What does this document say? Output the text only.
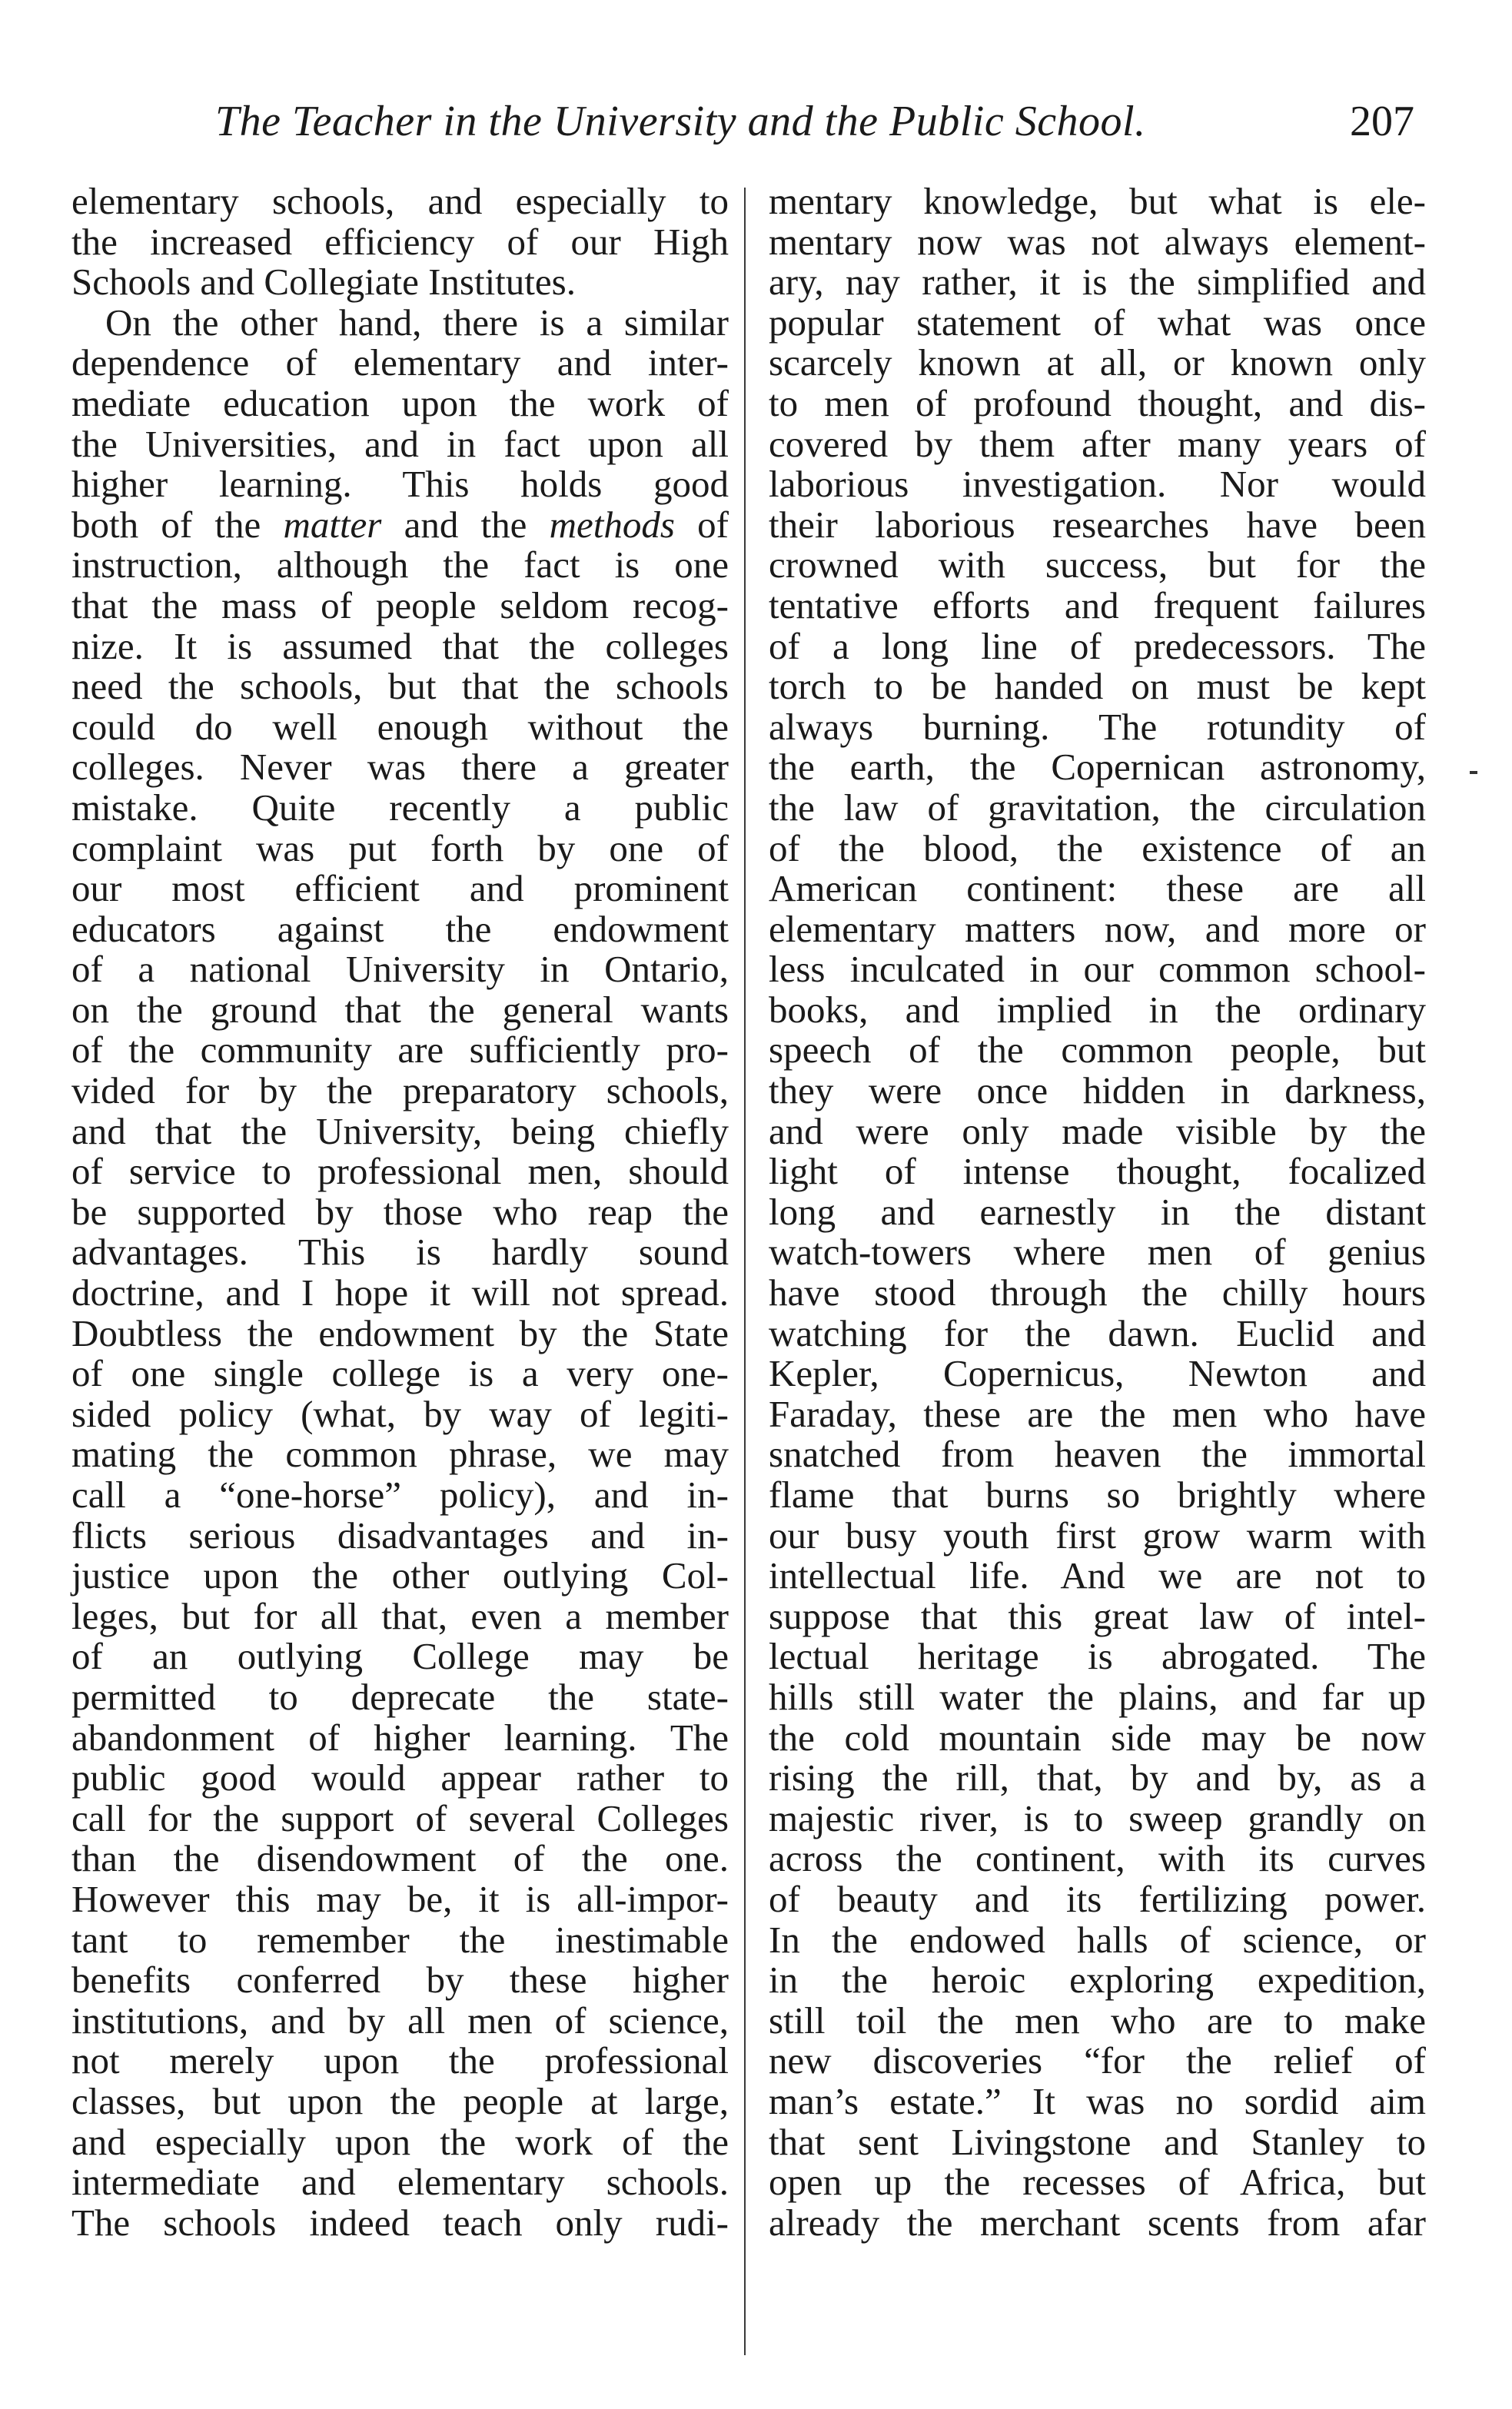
The Teacher in the University and the Public School.	207
elementary schools, and especially to
the increased efficiency of our High
Schools and Collegiate Institutes.
On the other hand, there is a similar
dependence of elementary and inter-
mediate education upon the work of
the Universities, and in fact upon all
higher learning. This holds good
both of the matter and the methods of
instruction, although the fact is one
that the mass of people seldom recog-
nize. It is assumed that the colleges
need the schools, but that the schools
could do well enough without the
colleges. Never was there a greater
mistake. Quite recently a public
complaint was put forth by one of
our most efficient and prominent
educators against the endowment
of a national University in Ontario,
on the ground that the general wants
of the community are sufficiently pro-
vided for by the preparatory schools,
and that the University, being chiefly
of service to professional men, should
be supported by those who reap the
advantages. This is hardly sound
doctrine, and I hope it will not spread.
Doubtless the endowment by the State
of one single college is a very one-
sided policy (what, by way of legiti-
mating the common phrase, we may
call a “one-horse” policy), and in-
flicts serious disadvantages and in-
justice upon the other outlying Col-
leges, but for all that, even a member
of an outlying College may be
permitted to deprecate the state-
abandonment of higher learning. The
public good would appear rather to
call for the support of several Colleges
than the disendowment of the one.
However this may be, it is all-impor-
tant to remember the inestimable
benefits conferred by these higher
institutions, and by all men of science,
not merely upon the professional
classes, but upon the people at large,
and especially upon the work of the
intermediate and elementary schools.
The schools indeed teach only rudi-
mentary knowledge, but what is ele-
mentary now was not always element-
ary, nay rather, it is the simplified and
popular statement of what was once
scarcely known at all, or known only
to men of profound thought, and dis-
covered by them after many years of
laborious investigation. Nor would
their laborious researches have been
crowned with success, but for the
tentative efforts and frequent failures
of a long line of predecessors. The
torch to be handed on must be kept
always burning. The rotundity of
the earth, the Copernican astronomy,
the law of gravitation, the circulation
of the blood, the existence of an
American continent: these are all
elementary matters now, and more or
less inculcated in our common school-
books, and implied in the ordinary
speech of the common people, but
they were once hidden in darkness,
and were only made visible by the
light of intense thought, focalized
long and earnestly in the distant
watch-towers where men of genius
have stood through the chilly hours
watching for the dawn. Euclid and
Kepler, Copernicus, Newton and
Faraday, these are the men who have
snatched from heaven the immortal
flame that burns so brightly where
our busy youth first grow warm with
intellectual life. And we are not to
suppose that this great law of intel-
lectual heritage is abrogated. The
hills still water the plains, and far up
the cold mountain side may be now
rising the rill, that, by and by, as a
majestic river, is to sweep grandly on
across the continent, with its curves
of beauty and its fertilizing power.
In the endowed halls of science, or
in the heroic exploring expedition,
still toil the men who are to make
new discoveries “for the relief of
man’s estate.” It was no sordid aim
that sent Livingstone and Stanley to
open up the recesses of Africa, but
already the merchant scents from afar
